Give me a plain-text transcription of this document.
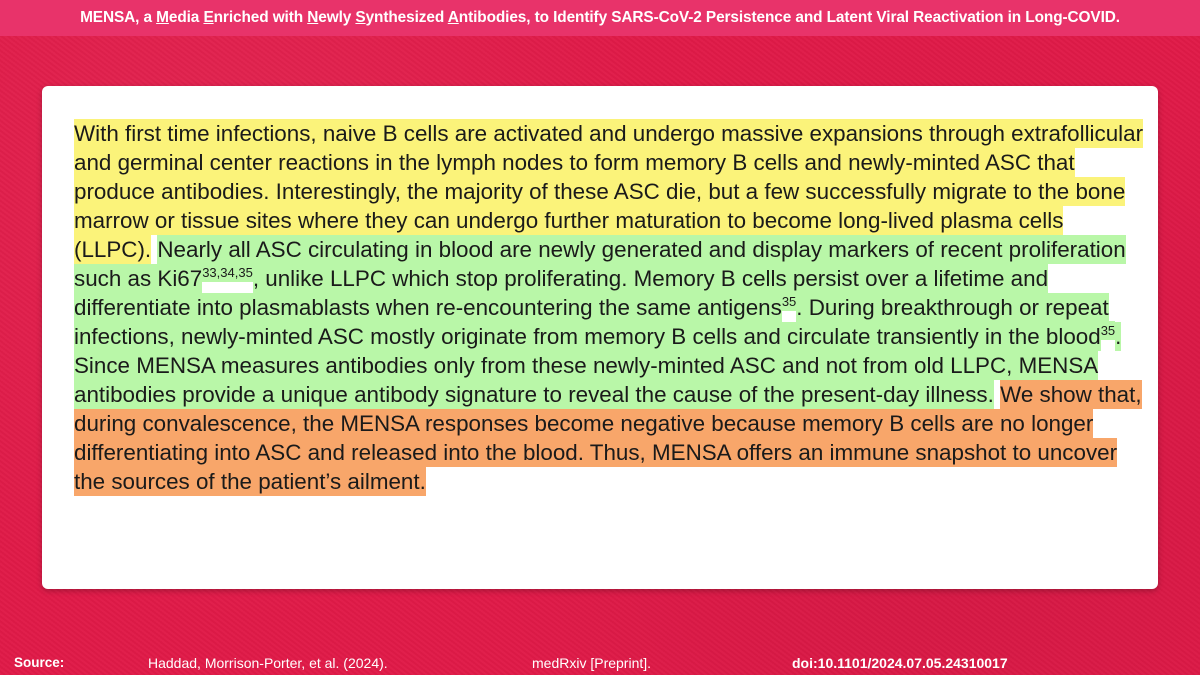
MENSA, a Media Enriched with Newly Synthesized Antibodies, to Identify SARS-CoV-2 Persistence and Latent Viral Reactivation in Long-COVID.

With first time infections, naive B cells are activated and undergo massive expansions through extrafollicular and germinal center reactions in the lymph nodes to form memory B cells and newly-minted ASC that produce antibodies. Interestingly, the majority of these ASC die, but a few successfully migrate to the bone marrow or tissue sites where they can undergo further maturation to become long-lived plasma cells (LLPC). Nearly all ASC circulating in blood are newly generated and display markers of recent proliferation such as Ki67$^{33,34,35}$, unlike LLPC which stop proliferating. Memory B cells persist over a lifetime and differentiate into plasmablasts when re-encountering the same antigens$^{35}$. During breakthrough or repeat infections, newly-minted ASC mostly originate from memory B cells and circulate transiently in the blood$^{35}$. Since MENSA measures antibodies only from these newly-minted ASC and not from old LLPC, MENSA antibodies provide a unique antibody signature to reveal the cause of the present-day illness. We show that, during convalescence, the MENSA responses become negative because memory B cells are no longer differentiating into ASC and released into the blood. Thus, MENSA offers an immune snapshot to uncover the sources of the patient’s ailment.

Source:	Haddad, Morrison-Porter, et al. (2024).	medRxiv [Preprint].	doi:10.1101/2024.07.05.24310017
